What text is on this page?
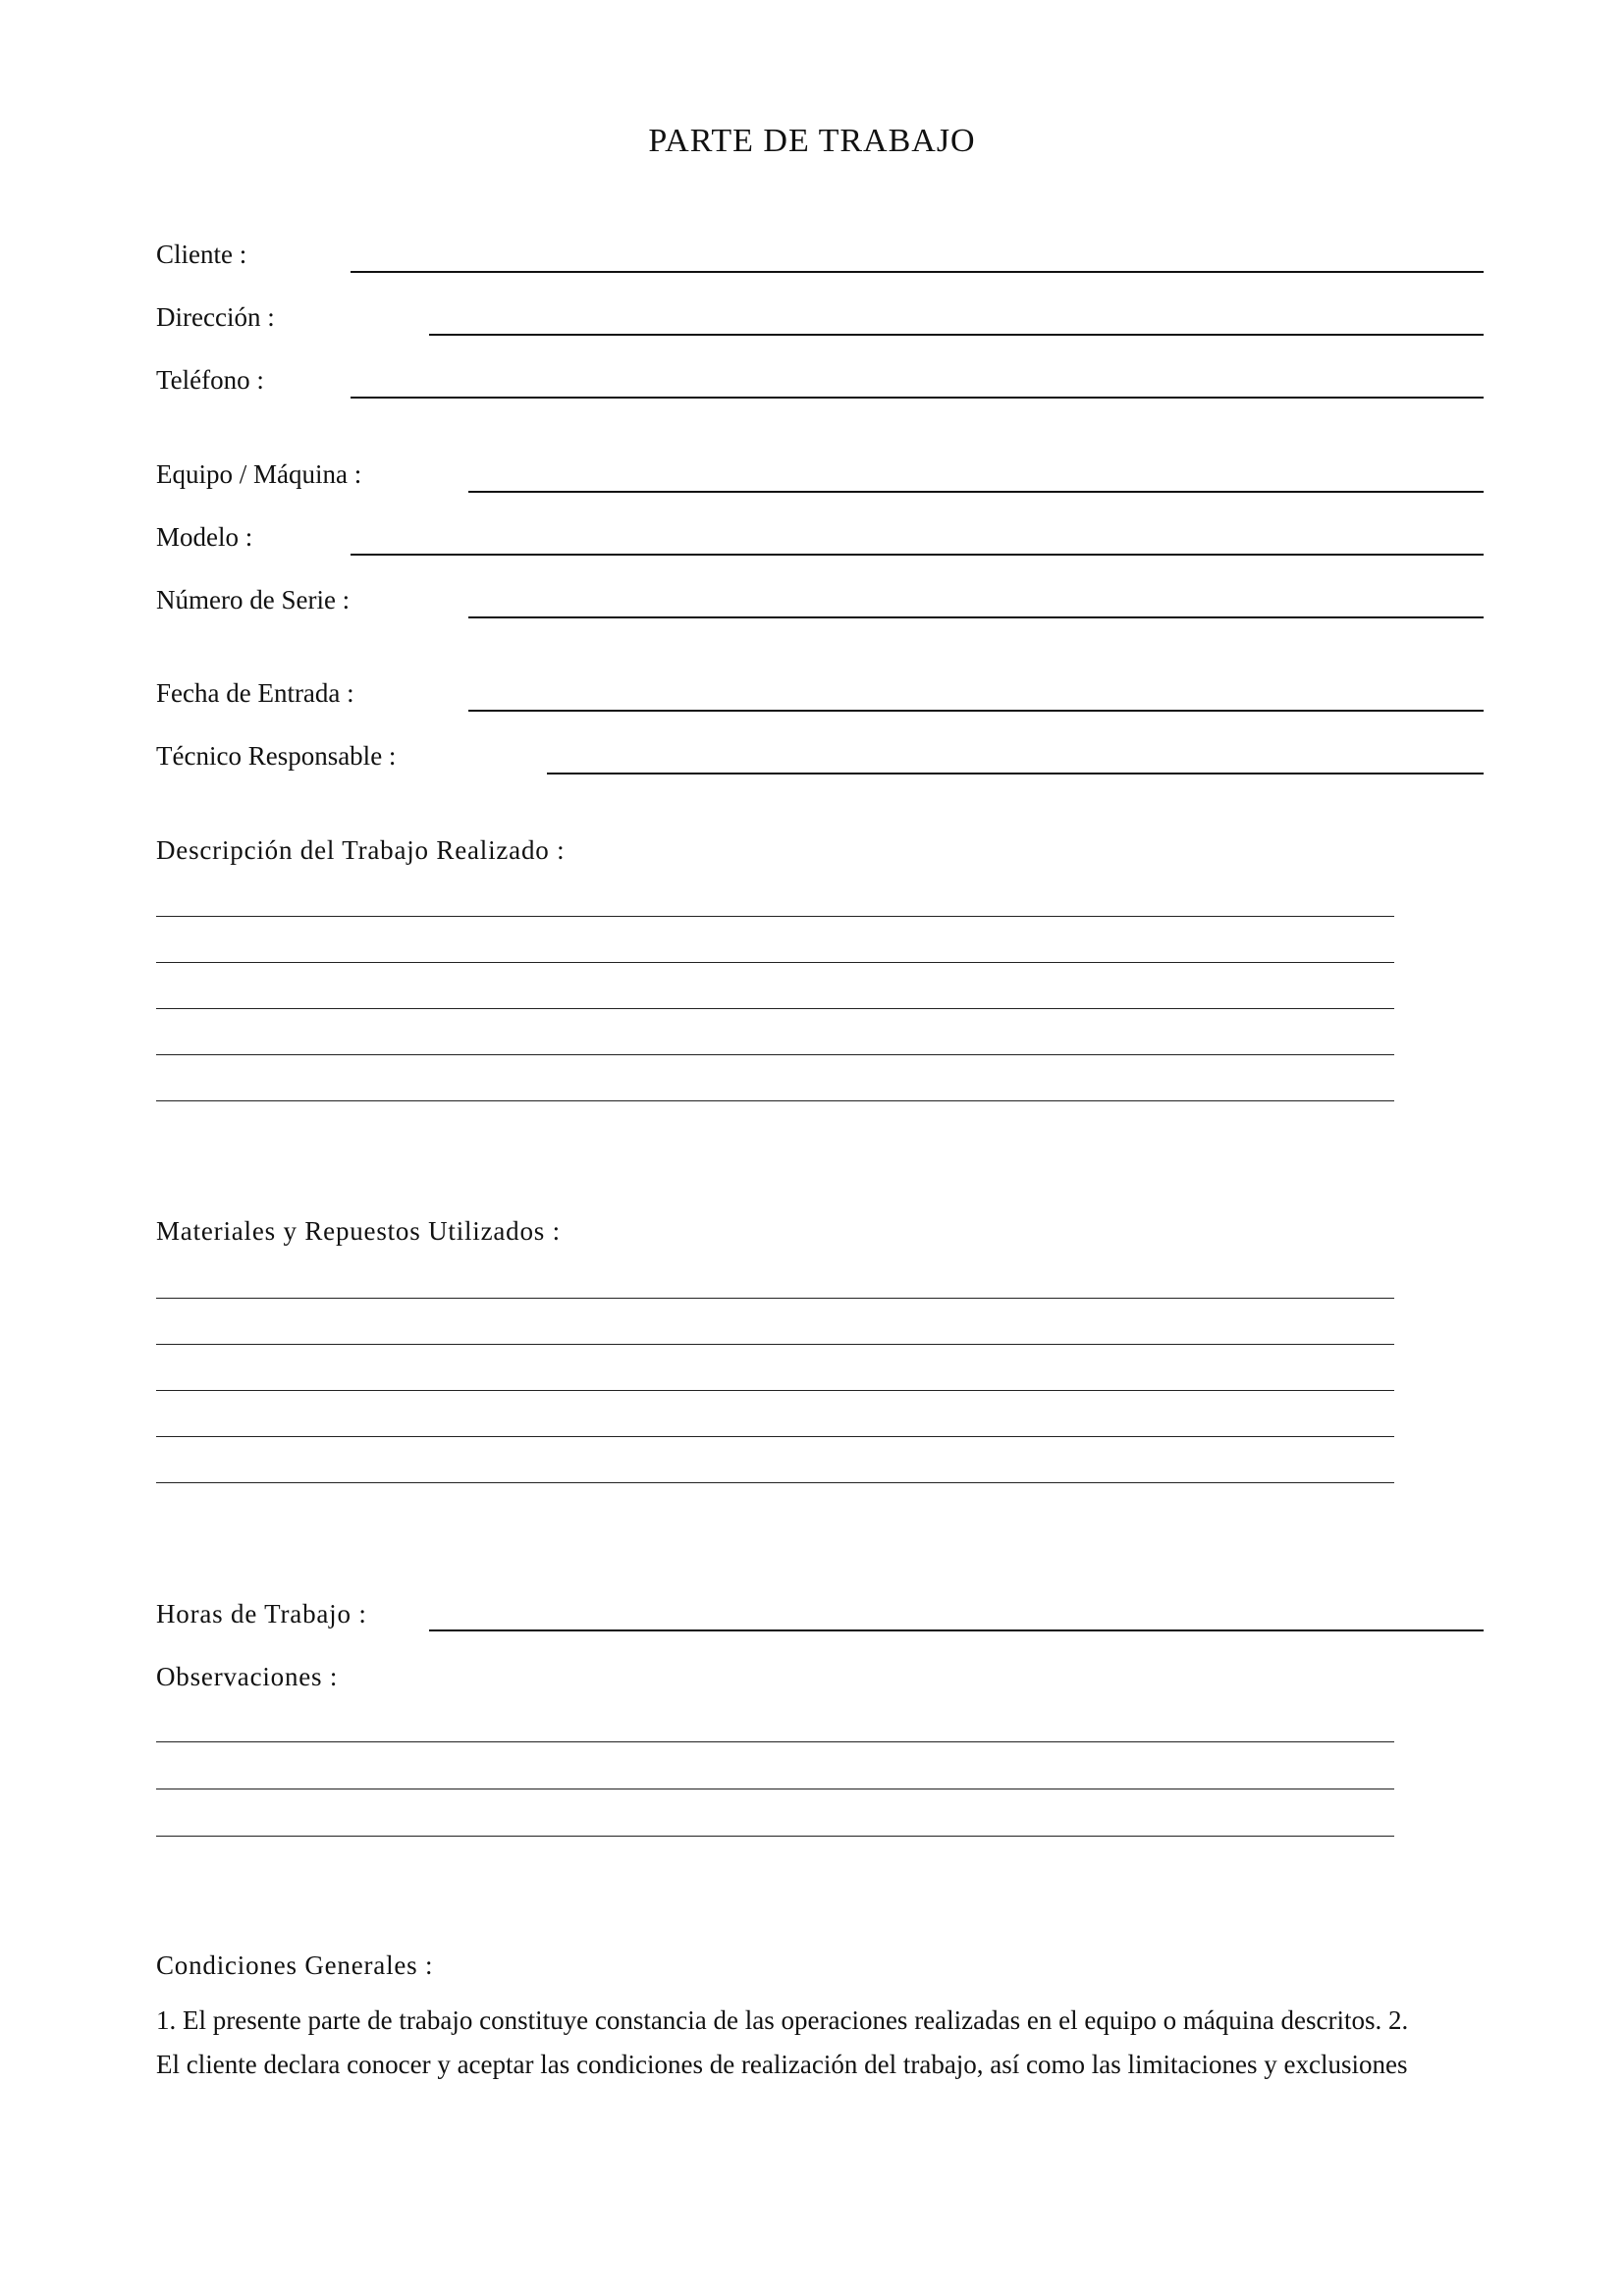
PARTE DE TRABAJO
Cliente :
Dirección :
Teléfono :
Equipo / Máquina :
Modelo :
Número de Serie :
Fecha de Entrada :
Técnico Responsable :
Descripción del Trabajo Realizado :
Materiales y Repuestos Utilizados :
Horas de Trabajo :
Observaciones :
Condiciones Generales :
1. El presente parte de trabajo constituye constancia de las operaciones realizadas en el equipo o máquina descritos. 2.
El cliente declara conocer y aceptar las condiciones de realización del trabajo, así como las limitaciones y exclusiones
